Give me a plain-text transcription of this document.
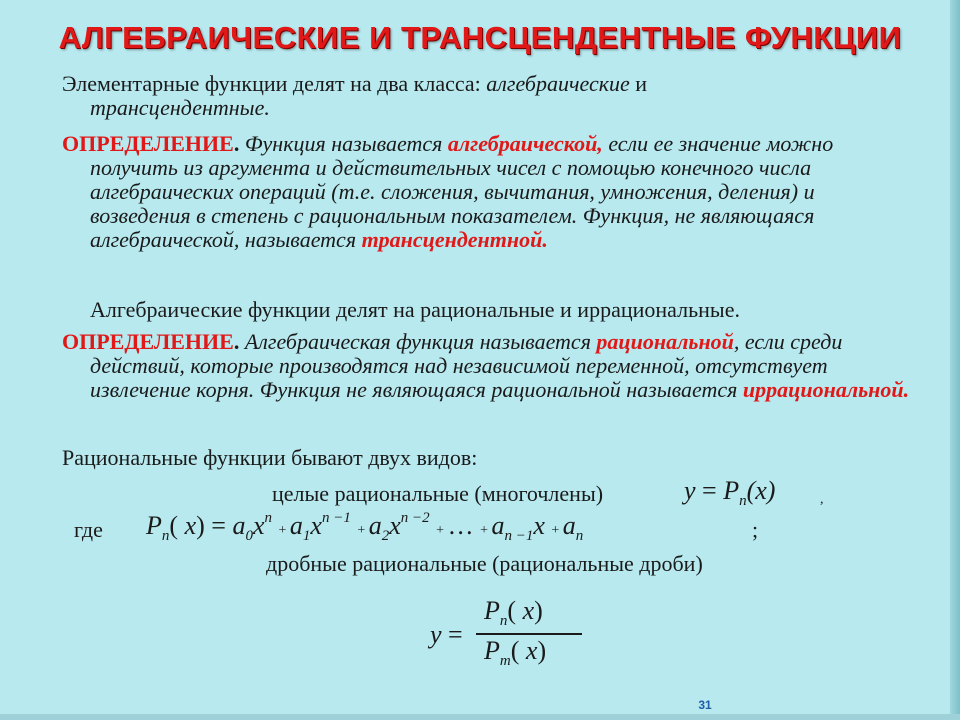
АЛГЕБРАИЧЕСКИЕ И ТРАНСЦЕНДЕНТНЫЕ ФУНКЦИИ
Элементарные функции делят на два класса: алгебраические и
трансцендентные.
ОПРЕДЕЛЕНИЕ. Функция называется алгебраической, если ее значение можно получить из аргумента и действительных чисел с помощью конечного числа алгебраических операций (т.е. сложения, вычитания, умножения, деления) и возведения в степень с рациональным показателем. Функция, не являющаяся алгебраической, называется трансцендентной.
Алгебраические функции делят на рациональные и иррациональные.
ОПРЕДЕЛЕНИЕ. Алгебраическая функция называется рациональной, если среди действий, которые производятся над независимой переменной, отсутствует извлечение корня. Функция не являющаяся рациональной называется иррациональной.
Рациональные функции бывают двух видов:
целые рациональные (многочлены)	$y = P_n(x)$	,
где $P_n$( $x) = a_0x^n + a_1x^{n -1} + a_2x^{n -2}$ + … + $a_{n -1}x + a_n$	;
дробные рациональные (рациональные дроби)
y =
$P_n$( x)
$P_m$( x)
31
